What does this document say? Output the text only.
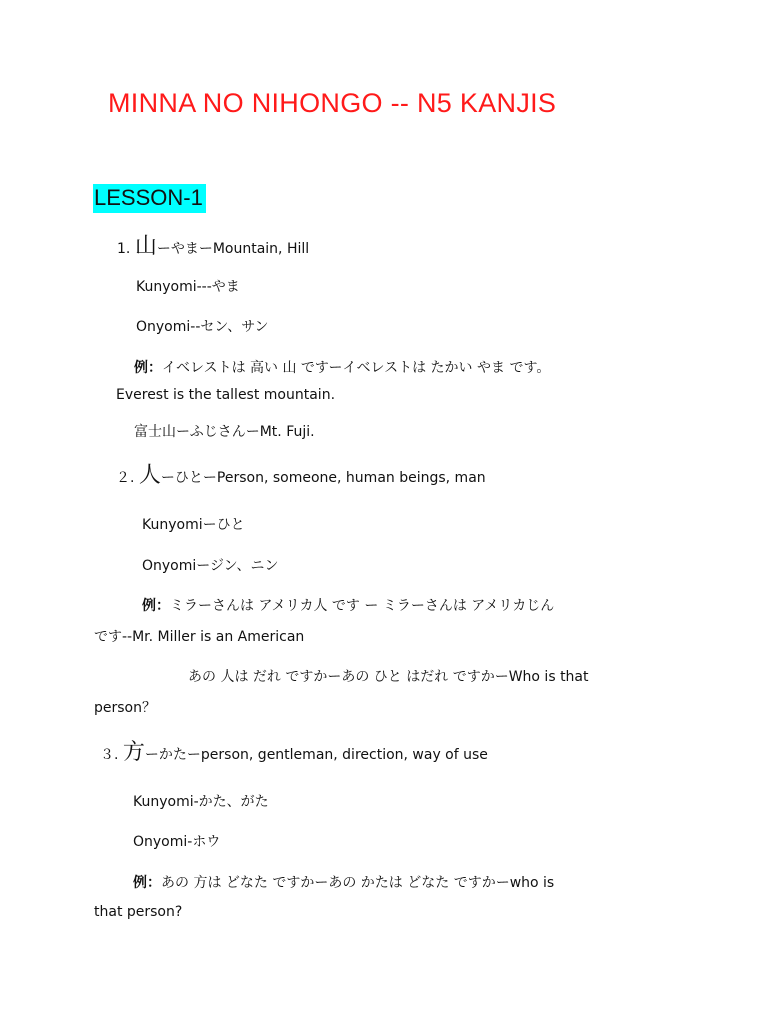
MINNA NO NIHONGO -- N5 KANJIS
LESSON-1
1. 山ーやまーMountain, Hill
Kunyomi---やま
Onyomi--セン、サン
例：イベレストは 高い 山 ですーイベレストは たかい やま です。
Everest is the tallest mountain.
富士山ーふじさんーMt. Fuji.
２. 人ーひとーPerson, someone, human beings, man
Kunyomiーひと
Onyomiージン、ニン
例：ミラーさんは アメリカ人 です ー ミラーさんは アメリカじん
です--Mr. Miller is an American
あの 人は だれ ですかーあの ひと はだれ ですかーWho is that
person？
３. 方ーかたーperson, gentleman, direction, way of use
Kunyomi-かた、がた
Onyomi-ホウ
例：あの 方は どなた ですかーあの かたは どなた ですかーwho is
that person?
